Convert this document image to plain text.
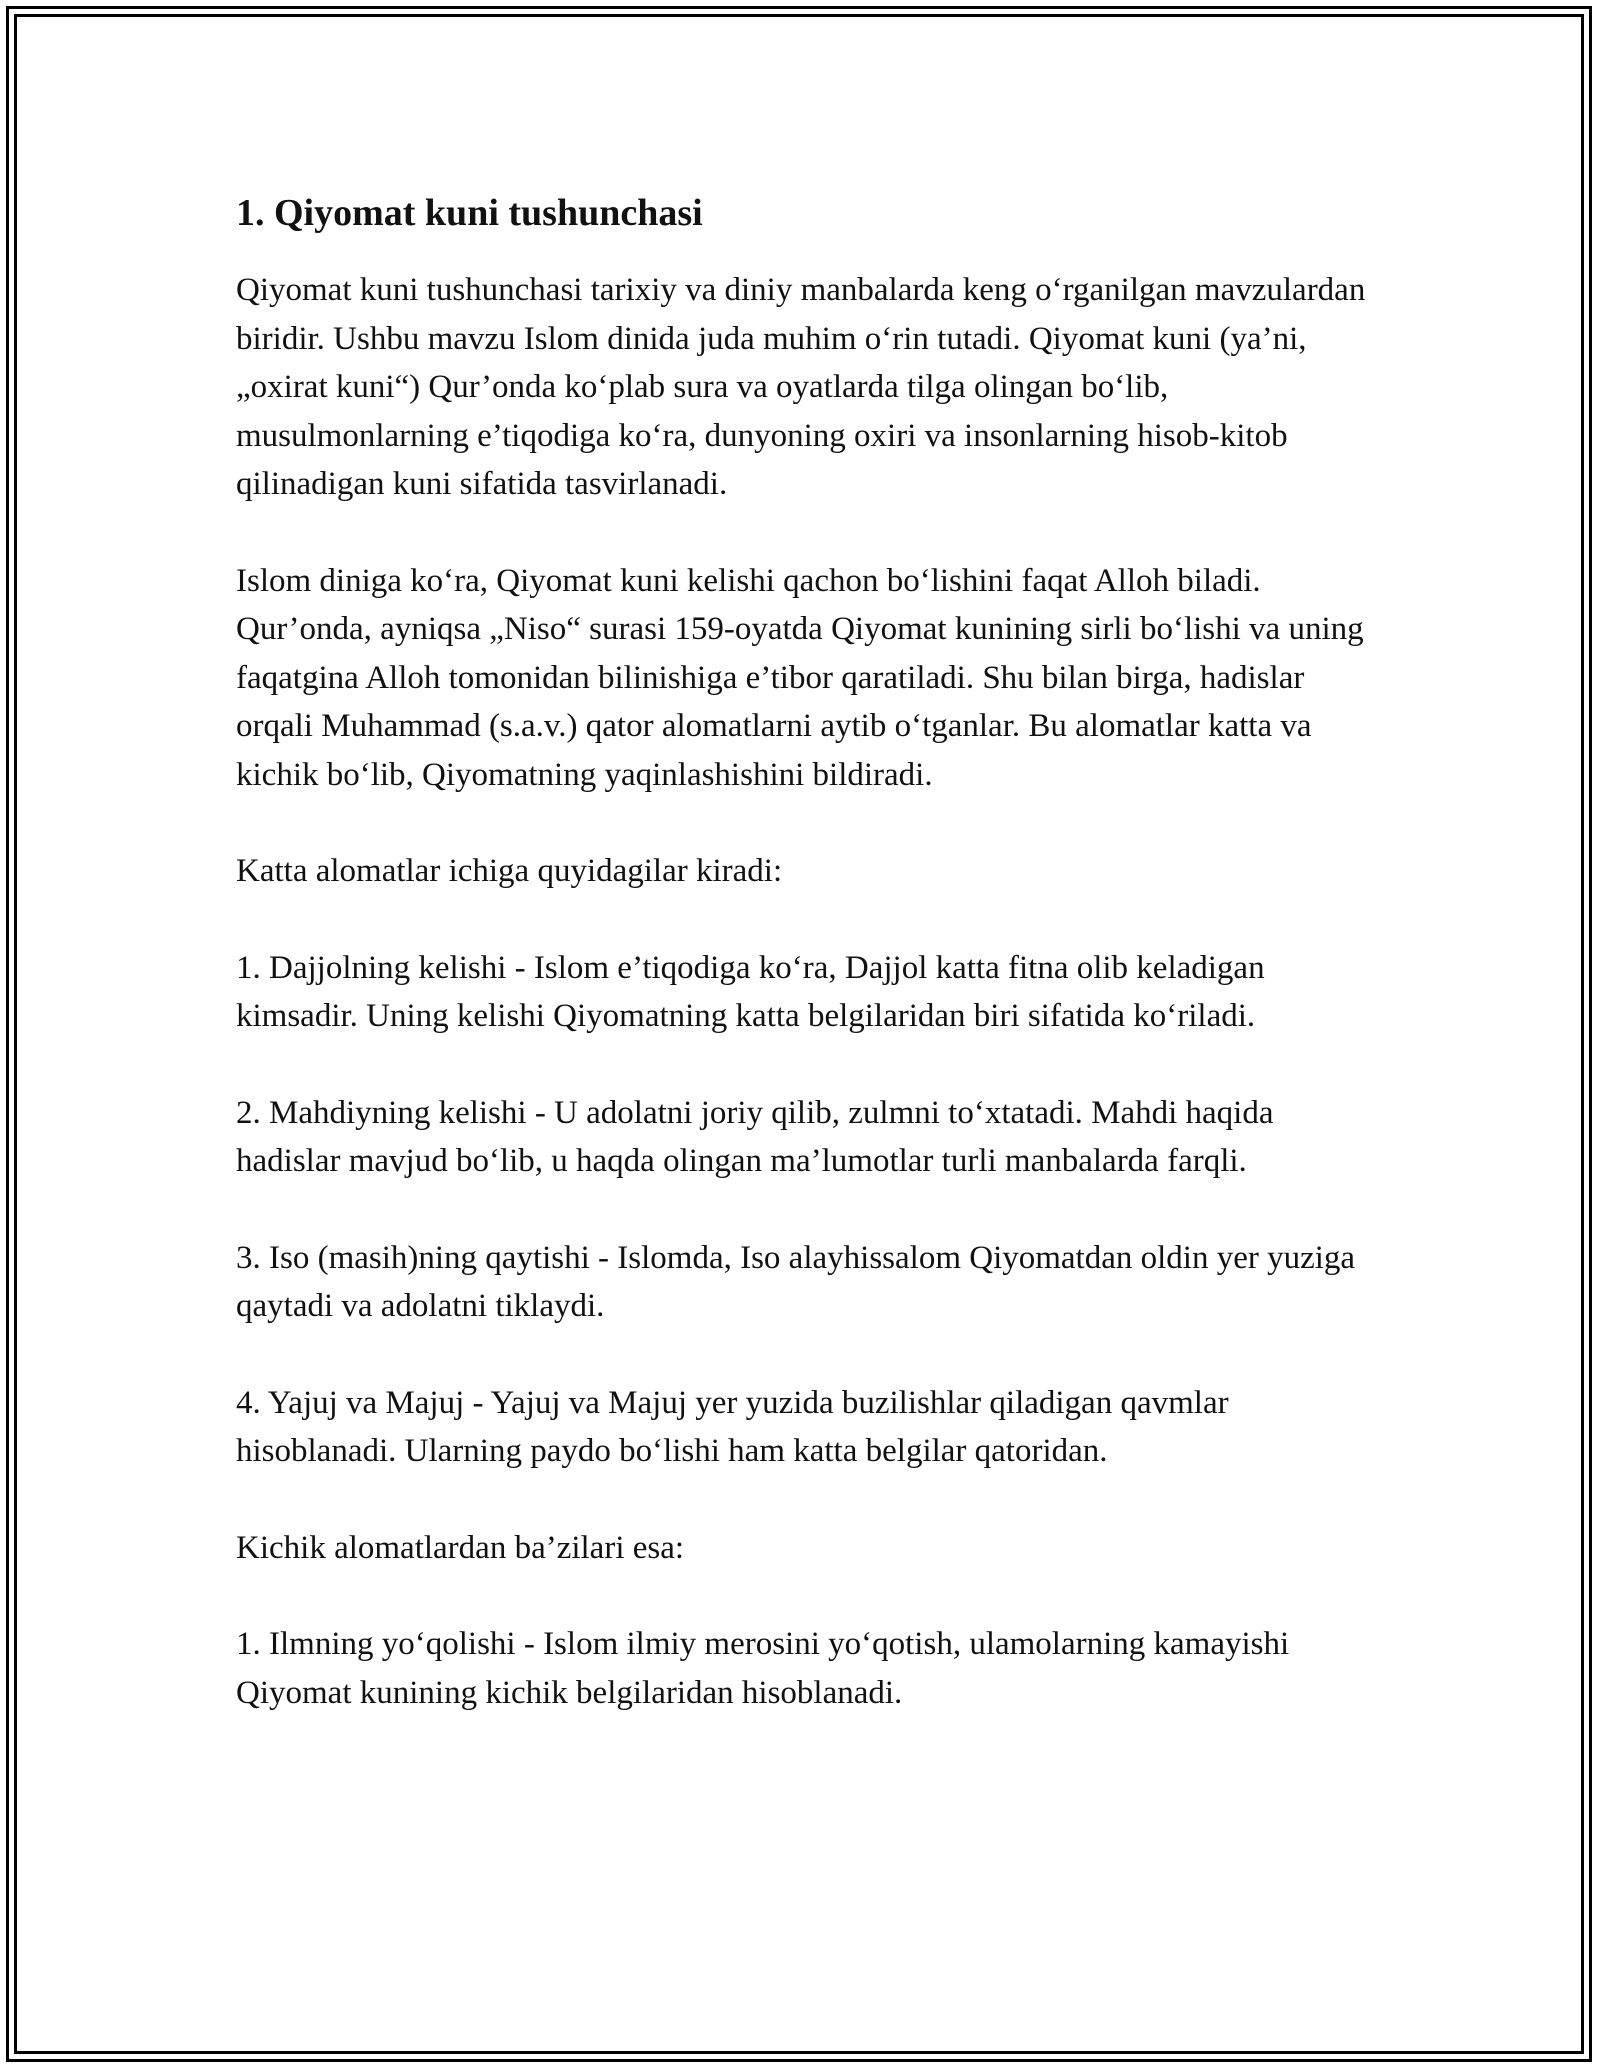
1. Qiyomat kuni tushunchasi

Qiyomat kuni tushunchasi tarixiy va diniy manbalarda keng o‘rganilgan mavzulardan biridir. Ushbu mavzu Islom dinida juda muhim o‘rin tutadi. Qiyomat kuni (ya’ni, „oxirat kuni“) Qur’onda ko‘plab sura va oyatlarda tilga olingan bo‘lib, musulmonlarning e’tiqodiga ko‘ra, dunyoning oxiri va insonlarning hisob-kitob qilinadigan kuni sifatida tasvirlanadi.

Islom diniga ko‘ra, Qiyomat kuni kelishi qachon bo‘lishini faqat Alloh biladi. Qur’onda, ayniqsa „Niso“ surasi 159-oyatda Qiyomat kunining sirli bo‘lishi va uning faqatgina Alloh tomonidan bilinishiga e’tibor qaratiladi. Shu bilan birga, hadislar orqali Muhammad (s.a.v.) qator alomatlarni aytib o‘tganlar. Bu alomatlar katta va kichik bo‘lib, Qiyomatning yaqinlashishini bildiradi.

Katta alomatlar ichiga quyidagilar kiradi:

1. Dajjolning kelishi - Islom e’tiqodiga ko‘ra, Dajjol katta fitna olib keladigan kimsadir. Uning kelishi Qiyomatning katta belgilaridan biri sifatida ko‘riladi.

2. Mahdiyning kelishi - U adolatni joriy qilib, zulmni to‘xtatadi. Mahdi haqida hadislar mavjud bo‘lib, u haqda olingan ma’lumotlar turli manbalarda farqli.

3. Iso (masih)ning qaytishi - Islomda, Iso alayhissalom Qiyomatdan oldin yer yuziga qaytadi va adolatni tiklaydi.

4. Yajuj va Majuj - Yajuj va Majuj yer yuzida buzilishlar qiladigan qavmlar hisoblanadi. Ularning paydo bo‘lishi ham katta belgilar qatoridan.

Kichik alomatlardan ba’zilari esa:

1. Ilmning yo‘qolishi - Islom ilmiy merosini yo‘qotish, ulamolarning kamayishi Qiyomat kunining kichik belgilaridan hisoblanadi.
